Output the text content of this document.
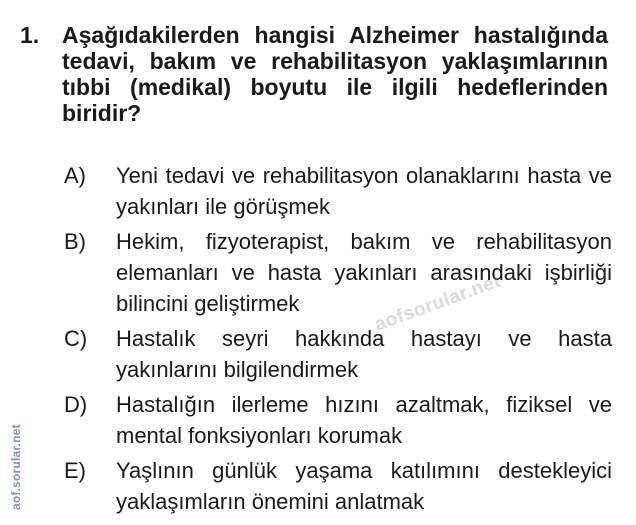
1. Aşağıdakilerden hangisi Alzheimer hastalığında tedavi, bakım ve rehabilitasyon yaklaşımlarının tıbbi (medikal) boyutu ile ilgili hedeflerinden biridir?
A)	Yeni tedavi ve rehabilitasyon olanaklarını hasta ve yakınları ile görüşmek
B)	Hekim, fizyoterapist, bakım ve rehabilitasyon elemanları ve hasta yakınları arasındaki işbirliği bilincini geliştirmek
C)	Hastalık seyri hakkında hastayı ve hasta yakınlarını bilgilendirmek
D)	Hastalığın ilerleme hızını azaltmak, fiziksel ve mental fonksiyonları korumak
E)	Yaşlının günlük yaşama katılımını destekleyici yaklaşımların önemini anlatmak
aof.sorular.net
aofsorular.net
